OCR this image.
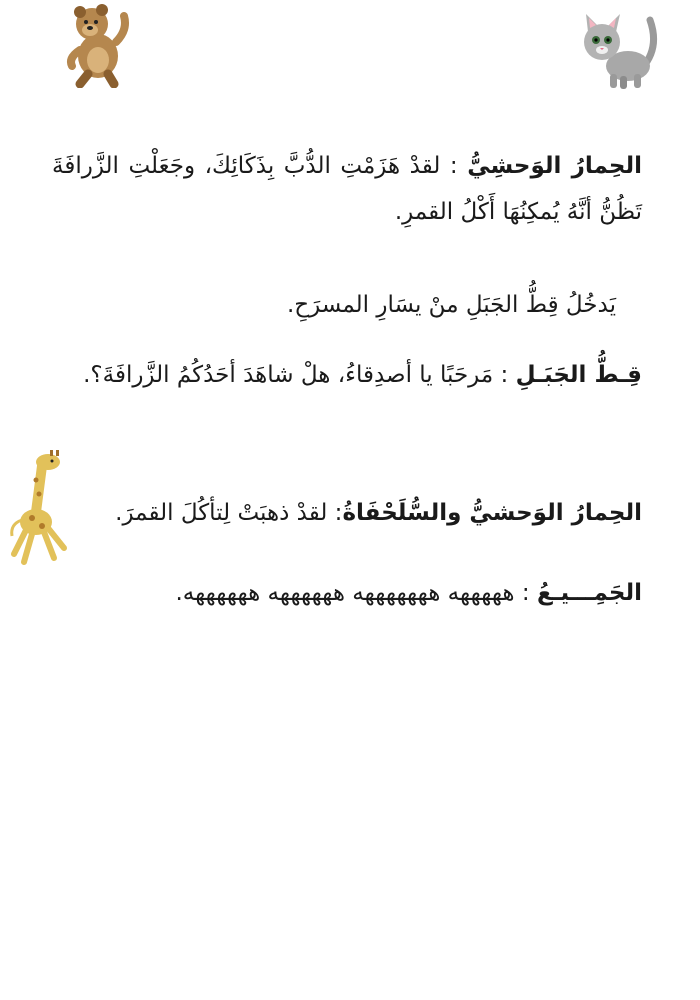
الحِمارُ الوَحشِيُّ : لقدْ هَزَمْتِ الدُّبَّ بِذَكَائِكَ، وجَعَلْتِ الزَّرافَةَ تَظُنُّ أنَّهُ يُمكِنُهَا أَكْلُ القمرِ.

يَدخُلُ قِطُّ الجَبَلِ منْ يسَارِ المسرَحِ.

قِـطُّ الجَبَـلِ : مَرحَبًا يا أصدِقاءُ، هلْ شاهَدَ أحَدُكُمُ الزَّرافَةَ؟.

الحِمارُ الوَحشيُّ والسُّلَحْفَاةُ: لقدْ ذهبَتْ لِتأكُلَ القمرَ.

الجَمِـــيـعُ : هههههه هههههههه ههههههه ههههههه.
